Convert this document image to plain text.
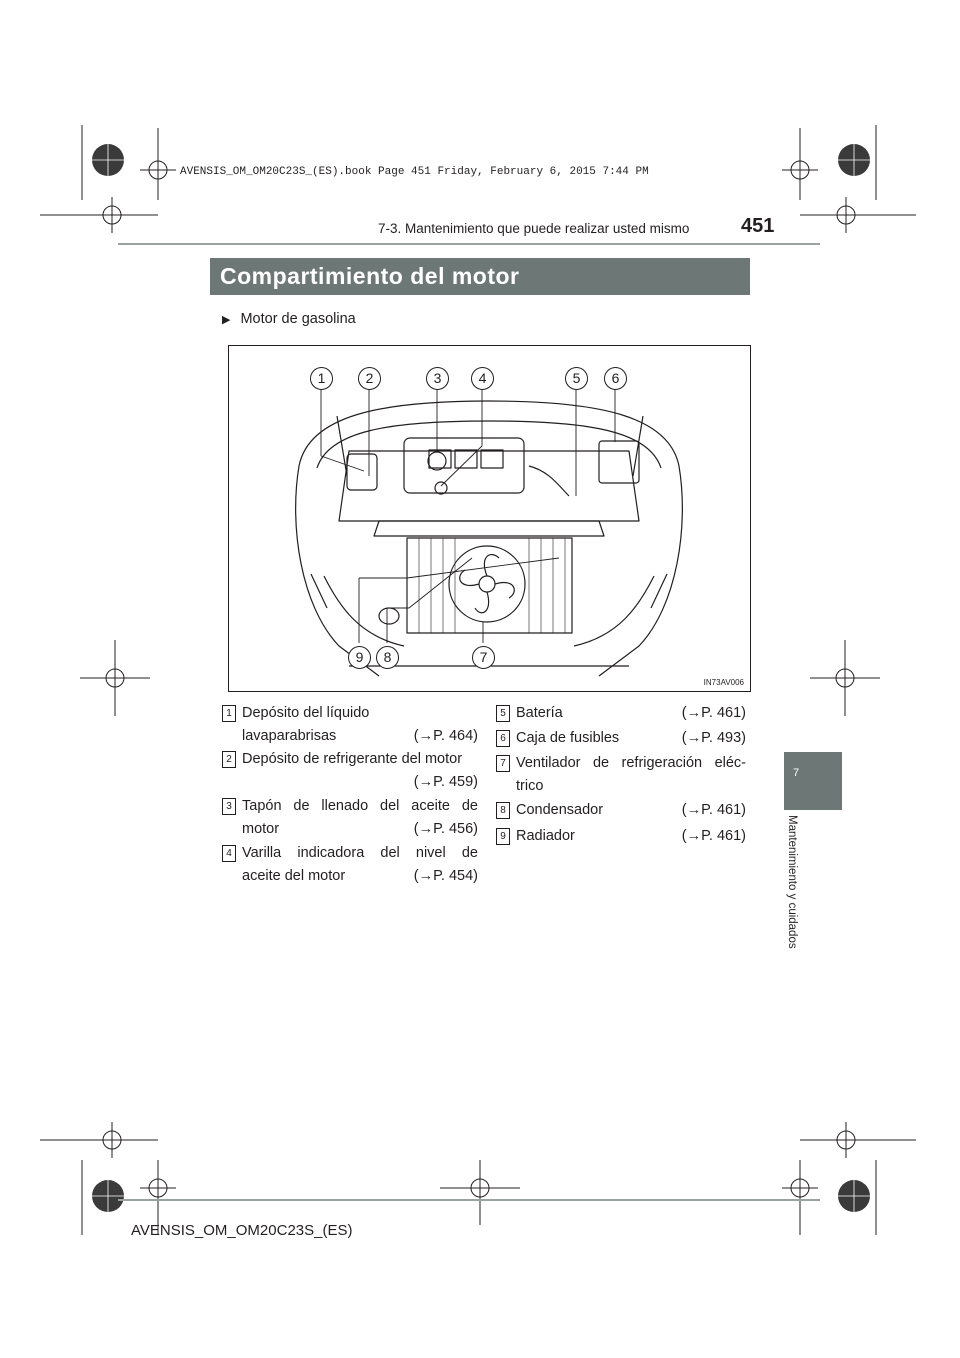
AVENSIS_OM_OM20C23S_(ES).book Page 451 Friday, February 6, 2015 7:44 PM
7-3. Mantenimiento que puede realizar usted mismo	451
Compartimiento del motor
7
Mantenimiento y cuidados
▶ Motor de gasolina
1	2	3	4	5	6
7
8
9
IN73AV006
1 Depósito del líquido
lavaparabrisas	(→P. 464)
2 Depósito de refrigerante del motor
(→P. 459)
3 Tapón de llenado del aceite de
motor	(→P. 456)
4 Varilla indicadora del nivel de
aceite del motor	(→P. 454)
5 Batería	(→P. 461)
6 Caja de fusibles	(→P. 493)
7 Ventilador de refrigeración eléc-
trico
8 Condensador	(→P. 461)
9 Radiador	(→P. 461)
AVENSIS_OM_OM20C23S_(ES)
